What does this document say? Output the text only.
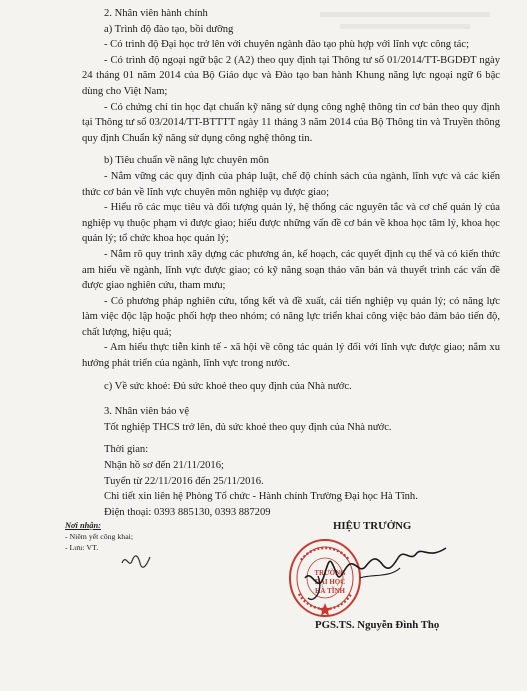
2. Nhân viên hành chính

a) Trình độ đào tạo, bồi dưỡng

- Có trình độ Đại học trở lên với chuyên ngành đào tạo phù hợp với lĩnh vực công tác;

- Có trình độ ngoại ngữ bậc 2 (A2) theo quy định tại Thông tư số 01/2014/TT-BGDĐT ngày 24 tháng 01 năm 2014 của Bộ Giáo dục và Đào tạo ban hành Khung năng lực ngoại ngữ 6 bậc dùng cho Việt Nam;

- Có chứng chỉ tin học đạt chuẩn kỹ năng sử dụng công nghệ thông tin cơ bản theo quy định tại Thông tư số 03/2014/TT-BTTTT ngày 11 tháng 3 năm 2014 của Bộ Thông tin và Truyền thông quy định Chuẩn kỹ năng sử dụng công nghệ thông tin.

b) Tiêu chuẩn về năng lực chuyên môn

- Nắm vững các quy định của pháp luật, chế độ chính sách của ngành, lĩnh vực và các kiến thức cơ bản về lĩnh vực chuyên môn nghiệp vụ được giao;

- Hiểu rõ các mục tiêu và đối tượng quản lý, hệ thống các nguyên tắc và cơ chế quản lý của nghiệp vụ thuộc phạm vi được giao; hiểu được những vấn đề cơ bản về khoa học tâm lý, khoa học quản lý; tổ chức khoa học quản lý;

- Nắm rõ quy trình xây dựng các phương án, kế hoạch, các quyết định cụ thể và có kiến thức am hiểu về ngành, lĩnh vực được giao; có kỹ năng soạn thảo văn bản và thuyết trình các vấn đề được giao nghiên cứu, tham mưu;

- Có phương pháp nghiên cứu, tổng kết và đề xuất, cải tiến nghiệp vụ quản lý; có năng lực làm việc độc lập hoặc phối hợp theo nhóm; có năng lực triển khai công việc bảo đảm bảo tiến độ, chất lượng, hiệu quả;

- Am hiểu thực tiễn kinh tế - xã hội về công tác quản lý đối với lĩnh vực được giao; nắm xu hướng phát triển của ngành, lĩnh vực trong nước.

c) Về sức khoẻ: Đủ sức khoẻ theo quy định của Nhà nước.

3. Nhân viên bảo vệ

Tốt nghiệp THCS trở lên, đủ sức khoẻ theo quy định của Nhà nước.

Thời gian:

Nhận hồ sơ đến 21/11/2016;

Tuyển từ 22/11/2016 đến 25/11/2016.

Chi tiết xin liên hệ Phòng Tổ chức - Hành chính Trường Đại học Hà Tĩnh.

Điện thoại: 0393 885130, 0393 887209

Nơi nhận:
- Niêm yết công khai;
- Lưu: VT.
HIỆU TRƯỞNG
TRƯỜNG ĐẠI HỌC HÀ TĨNH
PGS.TS. Nguyễn Đình Thọ
